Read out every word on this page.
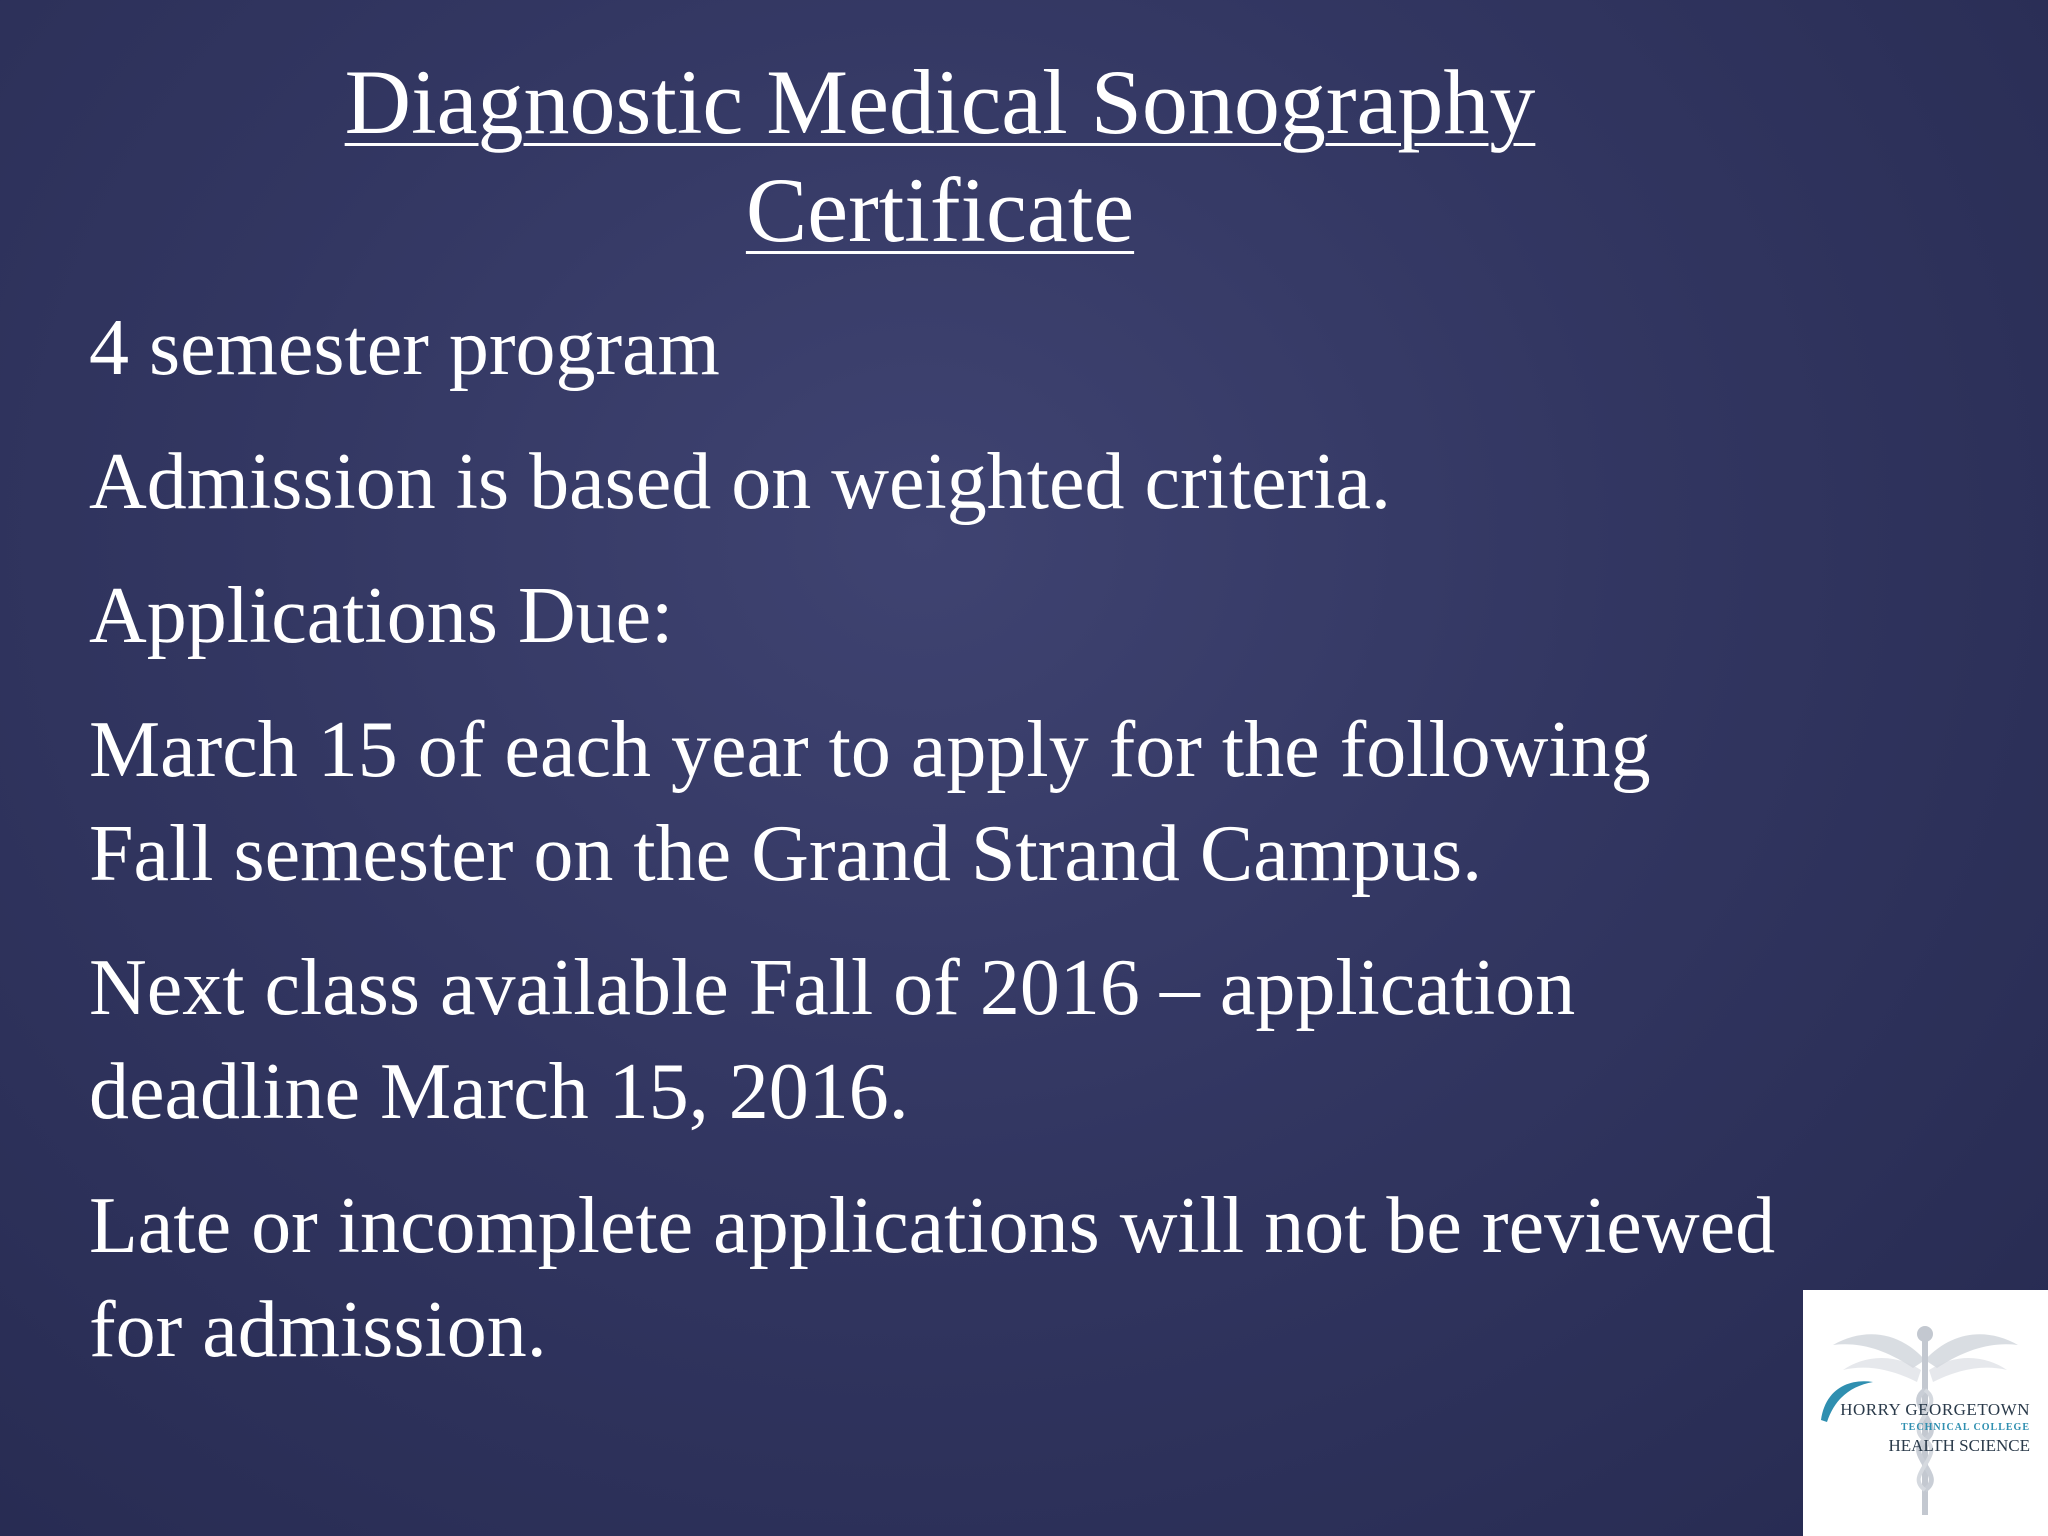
Diagnostic Medical Sonography
Certificate
4 semester program
Admission is based on weighted criteria.
Applications Due:
March 15 of each year to apply for the following Fall semester on the Grand Strand Campus.
Next class available Fall of 2016 – application deadline March 15, 2016.
Late or incomplete applications will not be reviewed for admission.
HORRY GEORGETOWN
TECHNICAL COLLEGE
HEALTH SCIENCE
